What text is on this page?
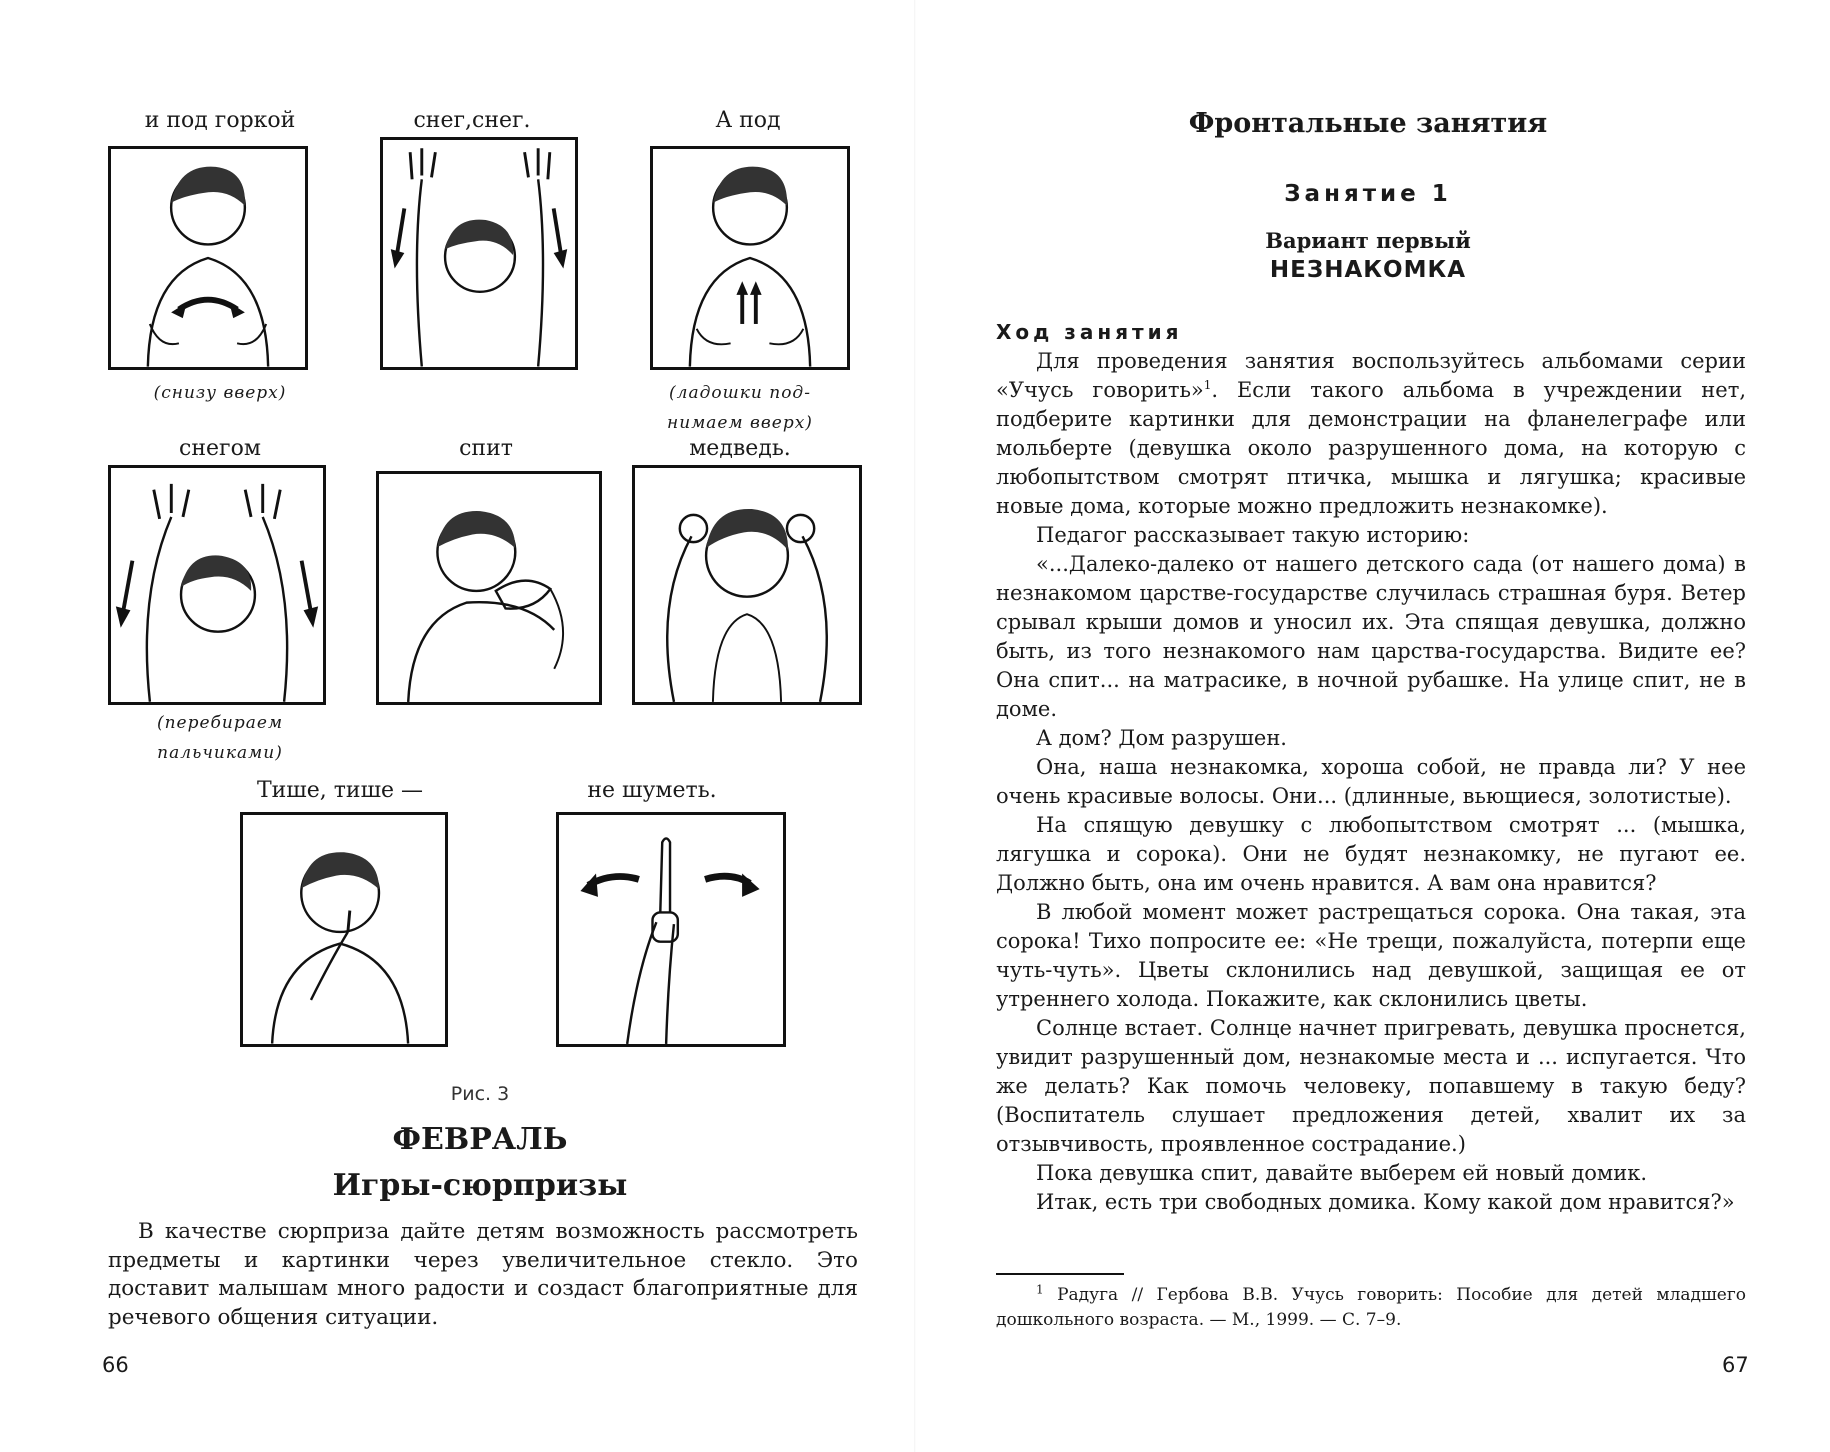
и под горкой
(снизу вверх)
снег,снег.	А под
(ладошки под-
нимаем вверх)
снегом
(перебираем
пальчиками)
спит	медведь.
Тише, тише —	не шуметь.
Рис. 3
ФЕВРАЛЬ
Игры-сюрпризы

В качестве сюрприза дайте детям возможность рассмотреть предметы и картинки через увеличительное стекло. Это доставит малышам много радости и создаст благоприятные для речевого общения ситуации.

66
Фронтальные занятия
Занятие 1
Вариант первый
НЕЗНАКОМКА

Ход занятия

Для проведения занятия воспользуйтесь альбомами серии «Учусь говорить»$^1$. Если такого альбома в учреждении нет, подберите картинки для демонстрации на фланелеграфе или мольберте (девушка около разрушенного дома, на которую с любопытством смотрят птичка, мышка и лягушка; красивые новые дома, которые можно предложить незнакомке).

Педагог рассказывает такую историю:

«...Далеко-далеко от нашего детского сада (от нашего дома) в незнакомом царстве-государстве случилась страшная буря. Ветер срывал крыши домов и уносил их. Эта спящая девушка, должно быть, из того незнакомого нам царства-государства. Видите ее? Она спит... на матрасике, в ночной рубашке. На улице спит, не в доме.

А дом? Дом разрушен.

Она, наша незнакомка, хороша собой, не правда ли? У нее очень красивые волосы. Они... (длинные, вьющиеся, золотистые).

На спящую девушку с любопытством смотрят ... (мышка, лягушка и сорока). Они не будят незнакомку, не пугают ее. Должно быть, она им очень нравится. А вам она нравится?

В любой момент может растрещаться сорока. Она такая, эта сорока! Тихо попросите ее: «Не трещи, пожалуйста, потерпи еще чуть-чуть». Цветы склонились над девушкой, защищая ее от утреннего холода. Покажите, как склонились цветы.

Солнце встает. Солнце начнет пригревать, девушка проснется, увидит разрушенный дом, незнакомые места и ... испугается. Что же делать? Как помочь человеку, попавшему в такую беду? (Воспитатель слушает предложения детей, хвалит их за отзывчивость, проявленное сострадание.)

Пока девушка спит, давайте выберем ей новый домик.

Итак, есть три свободных домика. Кому какой дом нравится?»

$^1$ Радуга // Гербова В.В. Учусь говорить: Пособие для детей младшего дошкольного возраста. — М., 1999. — С. 7–9.

67
